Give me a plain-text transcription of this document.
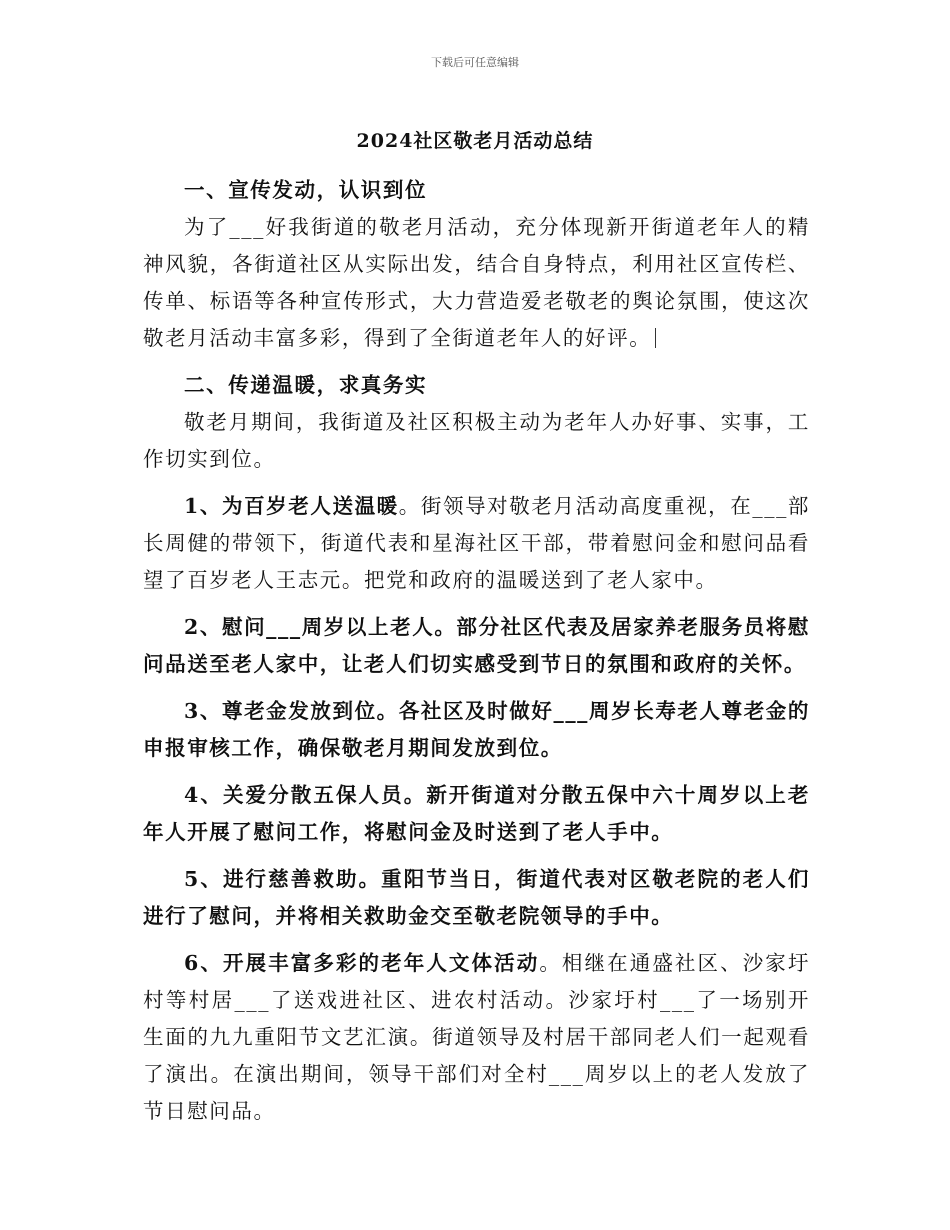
下载后可任意编辑
2024社区敬老月活动总结

一、宣传发动，认识到位

为了___好我街道的敬老月活动，充分体现新开街道老年人的精神风貌，各街道社区从实际出发，结合自身特点，利用社区宣传栏、传单、标语等各种宣传形式，大力营造爱老敬老的舆论氛围，使这次敬老月活动丰富多彩，得到了全街道老年人的好评。

二、传递温暖，求真务实

敬老月期间，我街道及社区积极主动为老年人办好事、实事，工作切实到位。

1、为百岁老人送温暖。街领导对敬老月活动高度重视，在___部长周健的带领下，街道代表和星海社区干部，带着慰问金和慰问品看望了百岁老人王志元。把党和政府的温暖送到了老人家中。

2、慰问___周岁以上老人。部分社区代表及居家养老服务员将慰问品送至老人家中，让老人们切实感受到节日的氛围和政府的关怀。

3、尊老金发放到位。各社区及时做好___周岁长寿老人尊老金的申报审核工作，确保敬老月期间发放到位。

4、关爱分散五保人员。新开街道对分散五保中六十周岁以上老年人开展了慰问工作，将慰问金及时送到了老人手中。

5、进行慈善救助。重阳节当日，街道代表对区敬老院的老人们进行了慰问，并将相关救助金交至敬老院领导的手中。

6、开展丰富多彩的老年人文体活动。相继在通盛社区、沙家圩村等村居___了送戏进社区、进农村活动。沙家圩村___了一场别开生面的九九重阳节文艺汇演。街道领导及村居干部同老人们一起观看了演出。在演出期间，领导干部们对全村___周岁以上的老人发放了节日慰问品。
